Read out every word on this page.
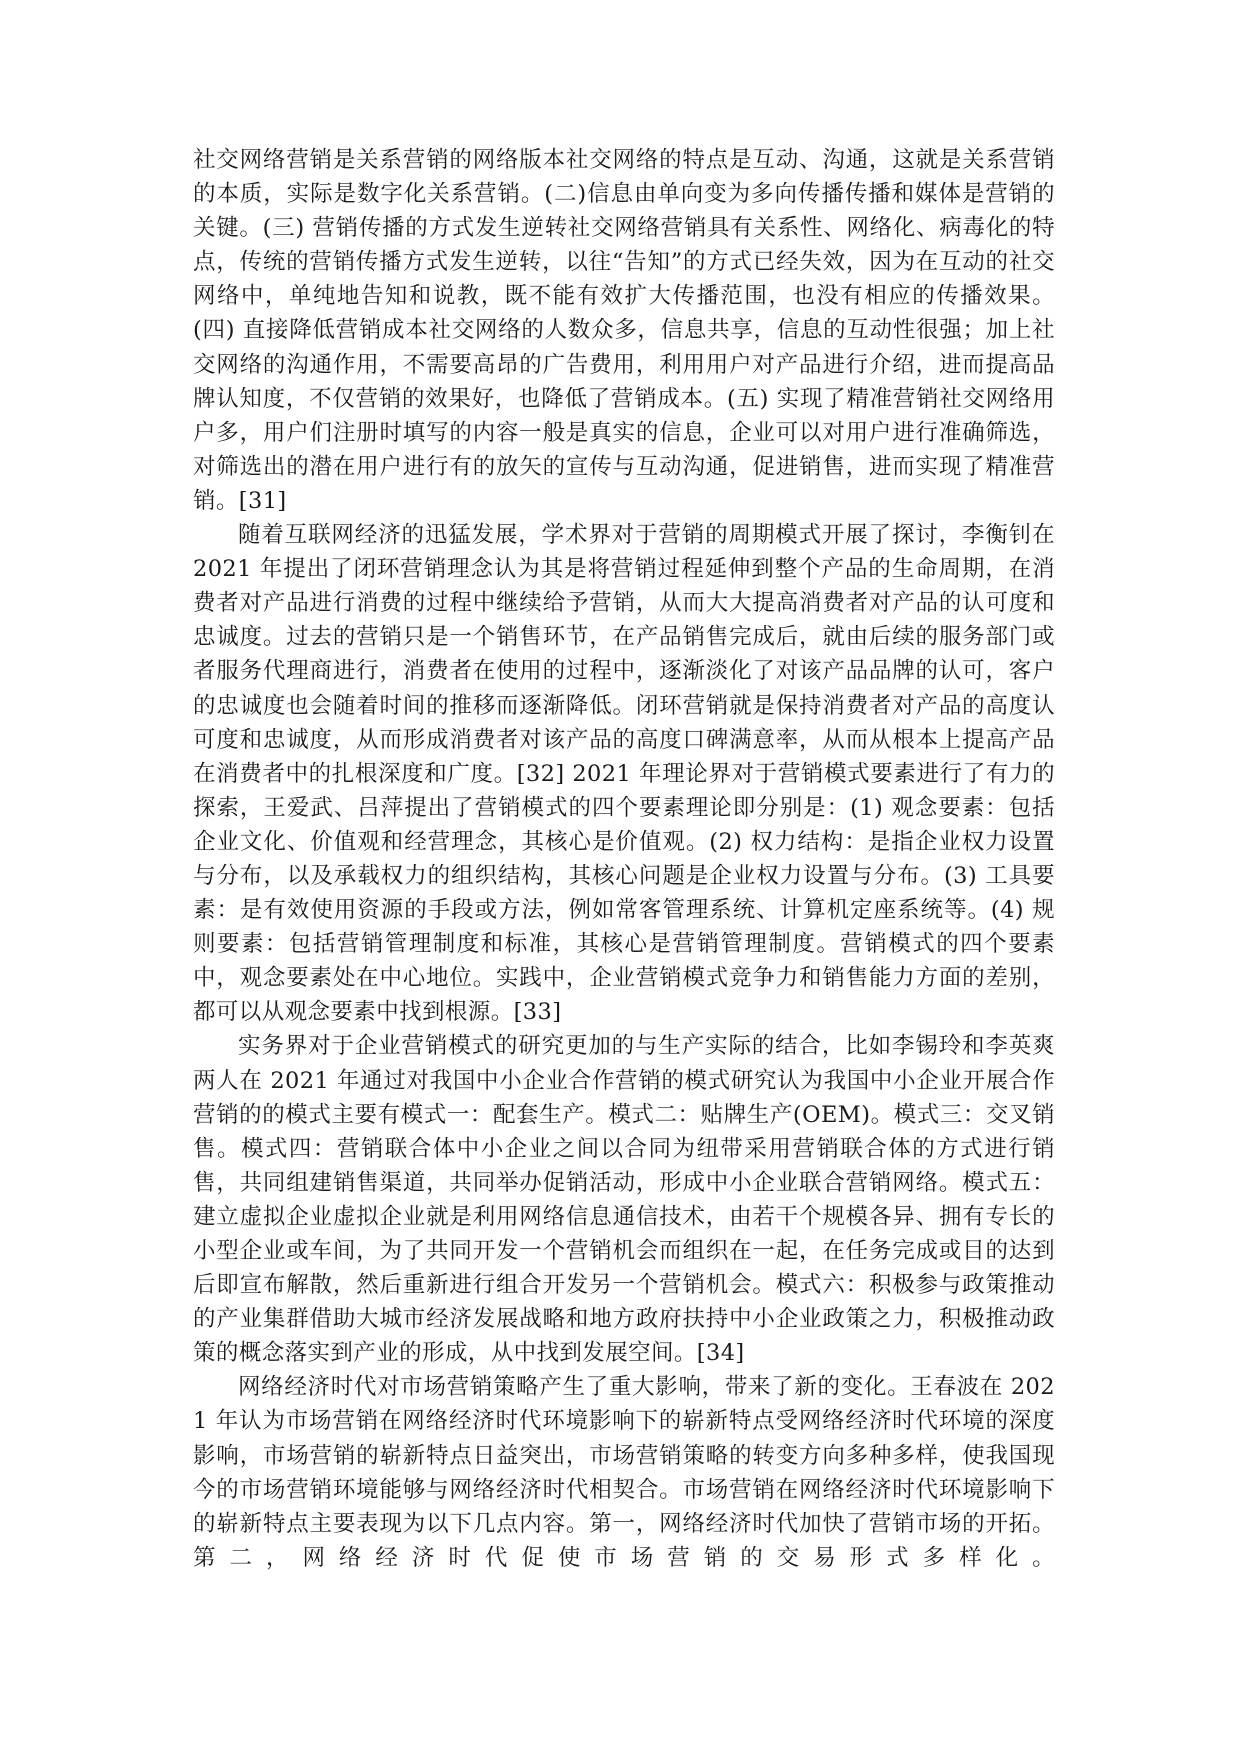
社交网络营销是关系营销的网络版本社交网络的特点是互动、沟通，这就是关系营销的本质，实际是数字化关系营销。(二)信息由单向变为多向传播传播和媒体是营销的关键。(三) 营销传播的方式发生逆转社交网络营销具有关系性、网络化、病毒化的特点，传统的营销传播方式发生逆转，以往“告知”的方式已经失效，因为在互动的社交网络中，单纯地告知和说教，既不能有效扩大传播范围，也没有相应的传播效果。(四) 直接降低营销成本社交网络的人数众多，信息共享，信息的互动性很强；加上社交网络的沟通作用，不需要高昂的广告费用，利用用户对产品进行介绍，进而提高品牌认知度，不仅营销的效果好，也降低了营销成本。(五) 实现了精准营销社交网络用户多，用户们注册时填写的内容一般是真实的信息，企业可以对用户进行准确筛选，对筛选出的潜在用户进行有的放矢的宣传与互动沟通，促进销售，进而实现了精准营销。[31]

随着互联网经济的迅猛发展，学术界对于营销的周期模式开展了探讨，李衡钊在 2021 年提出了闭环营销理念认为其是将营销过程延伸到整个产品的生命周期，在消费者对产品进行消费的过程中继续给予营销，从而大大提高消费者对产品的认可度和忠诚度。过去的营销只是一个销售环节，在产品销售完成后，就由后续的服务部门或者服务代理商进行，消费者在使用的过程中，逐渐淡化了对该产品品牌的认可，客户的忠诚度也会随着时间的推移而逐渐降低。闭环营销就是保持消费者对产品的高度认可度和忠诚度，从而形成消费者对该产品的高度口碑满意率，从而从根本上提高产品在消费者中的扎根深度和广度。[32] 2021 年理论界对于营销模式要素进行了有力的探索，王爱武、吕萍提出了营销模式的四个要素理论即分别是：(1) 观念要素：包括企业文化、价值观和经营理念，其核心是价值观。(2) 权力结构：是指企业权力设置与分布，以及承载权力的组织结构，其核心问题是企业权力设置与分布。(3) 工具要素：是有效使用资源的手段或方法，例如常客管理系统、计算机定座系统等。(4) 规则要素：包括营销管理制度和标准，其核心是营销管理制度。营销模式的四个要素中，观念要素处在中心地位。实践中，企业营销模式竞争力和销售能力方面的差别，都可以从观念要素中找到根源。[33]

实务界对于企业营销模式的研究更加的与生产实际的结合，比如李锡玲和李英爽两人在 2021 年通过对我国中小企业合作营销的模式研究认为我国中小企业开展合作营销的的模式主要有模式一：配套生产。模式二：贴牌生产(OEM)。模式三：交叉销售。模式四：营销联合体中小企业之间以合同为纽带采用营销联合体的方式进行销售，共同组建销售渠道，共同举办促销活动，形成中小企业联合营销网络。模式五：建立虚拟企业虚拟企业就是利用网络信息通信技术，由若干个规模各异、拥有专长的小型企业或车间，为了共同开发一个营销机会而组织在一起，在任务完成或目的达到后即宣布解散，然后重新进行组合开发另一个营销机会。模式六：积极参与政策推动的产业集群借助大城市经济发展战略和地方政府扶持中小企业政策之力，积极推动政策的概念落实到产业的形成，从中找到发展空间。[34]

网络经济时代对市场营销策略产生了重大影响，带来了新的变化。王春波在 2021 年认为市场营销在网络经济时代环境影响下的崭新特点受网络经济时代环境的深度影响，市场营销的崭新特点日益突出，市场营销策略的转变方向多种多样，使我国现今的市场营销环境能够与网络经济时代相契合。市场营销在网络经济时代环境影响下的崭新特点主要表现为以下几点内容。第一，网络经济时代加快了营销市场的开拓。第二，网络经济时代促使市场营销的交易形式多样化。
